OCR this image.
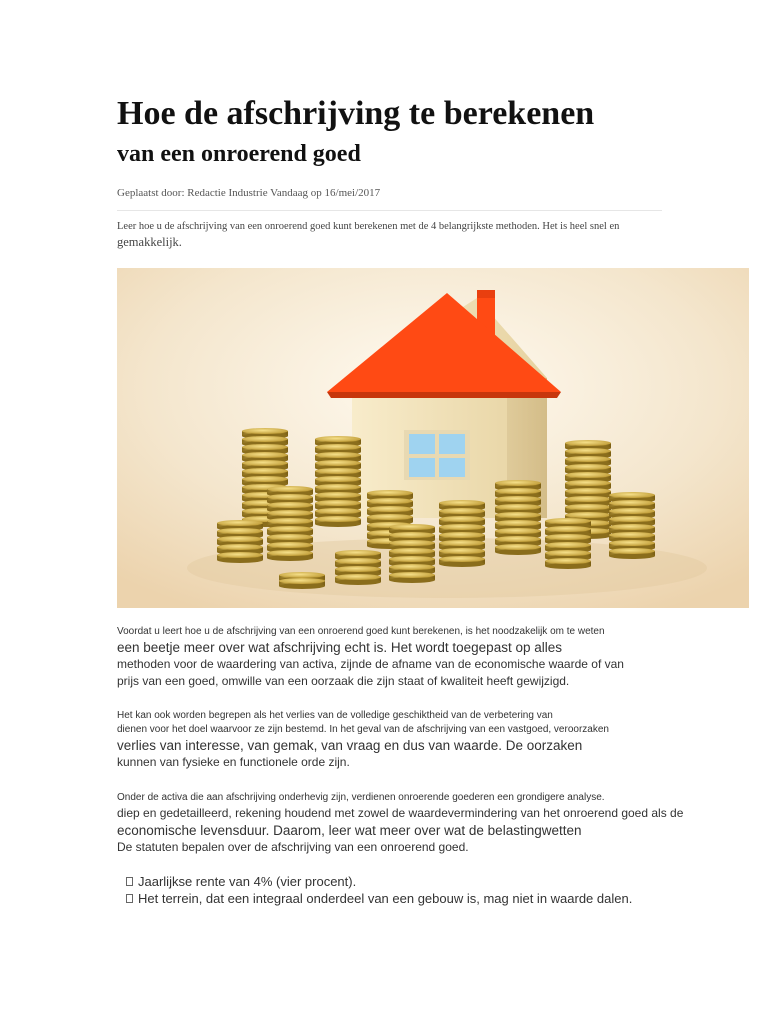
Hoe de afschrijving te berekenen
van een onroerend goed
Geplaatst door: Redactie Industrie Vandaag op 16/mei/2017
Leer hoe u de afschrijving van een onroerend goed kunt berekenen met de 4 belangrijkste methoden. Het is heel snel en
gemakkelijk.
Voordat u leert hoe u de afschrijving van een onroerend goed kunt berekenen, is het noodzakelijk om te weten
een beetje meer over wat afschrijving echt is. Het wordt toegepast op alles
methoden voor de waardering van activa, zijnde de afname van de economische waarde of van
prijs van een goed, omwille van een oorzaak die zijn staat of kwaliteit heeft gewijzigd.
Het kan ook worden begrepen als het verlies van de volledige geschiktheid van de verbetering van
dienen voor het doel waarvoor ze zijn bestemd. In het geval van de afschrijving van een vastgoed, veroorzaken
verlies van interesse, van gemak, van vraag en dus van waarde. De oorzaken
kunnen van fysieke en functionele orde zijn.
Onder de activa die aan afschrijving onderhevig zijn, verdienen onroerende goederen een grondigere analyse.
diep en gedetailleerd, rekening houdend met zowel de waardevermindering van het onroerend goed als de
economische levensduur. Daarom, leer wat meer over wat de belastingwetten
De statuten bepalen over de afschrijving van een onroerend goed.
Jaarlijkse rente van 4% (vier procent).
Het terrein, dat een integraal onderdeel van een gebouw is, mag niet in waarde dalen.
